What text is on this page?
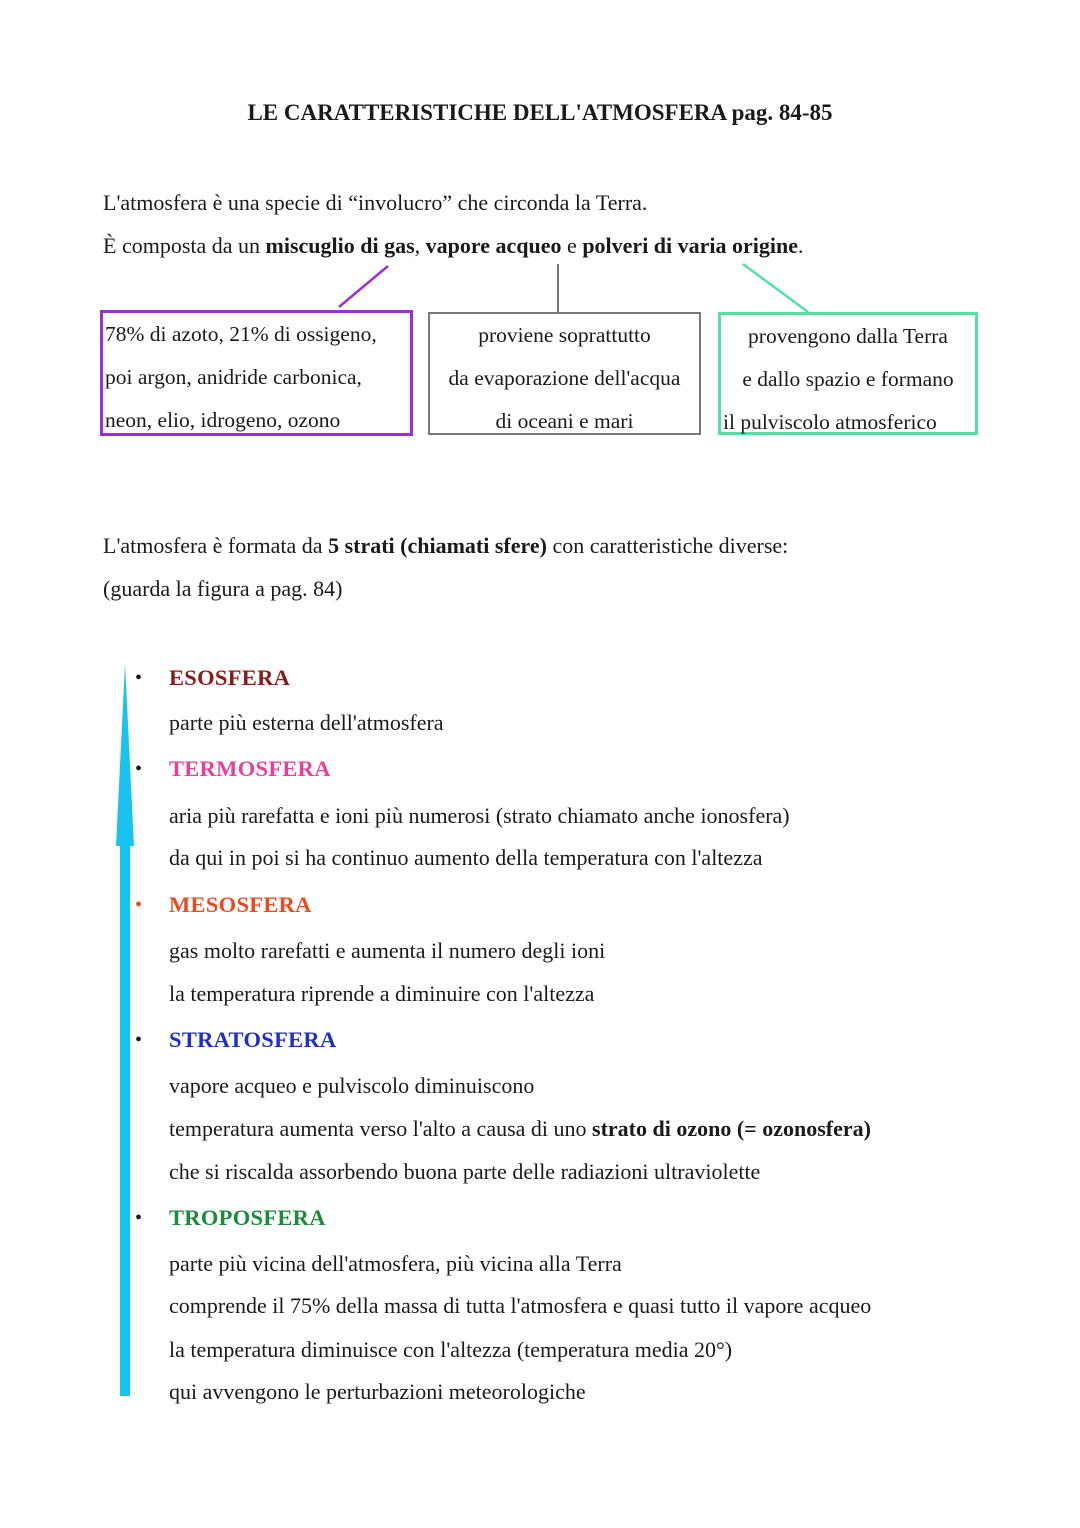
LE CARATTERISTICHE DELL'ATMOSFERA pag. 84-85
L'atmosfera è una specie di “involucro” che circonda la Terra.
È composta da un miscuglio di gas, vapore acqueo e polveri di varia origine.
78% di azoto, 21% di ossigeno,
poi argon, anidride carbonica,
neon, elio, idrogeno, ozono
proviene soprattutto
da evaporazione dell'acqua
di oceani e mari
provengono dalla Terra
e dallo spazio e formano
il pulviscolo atmosferico
L'atmosfera è formata da 5 strati (chiamati sfere) con caratteristiche diverse:
(guarda la figura a pag. 84)
• ESOSFERA
parte più esterna dell'atmosfera
• TERMOSFERA
aria più rarefatta e ioni più numerosi (strato chiamato anche ionosfera)
da qui in poi si ha continuo aumento della temperatura con l'altezza
• MESOSFERA
gas molto rarefatti e aumenta il numero degli ioni
la temperatura riprende a diminuire con l'altezza
• STRATOSFERA
vapore acqueo e pulviscolo diminuiscono
temperatura aumenta verso l'alto a causa di uno strato di ozono (= ozonosfera)
che si riscalda assorbendo buona parte delle radiazioni ultraviolette
• TROPOSFERA
parte più vicina dell'atmosfera, più vicina alla Terra
comprende il 75% della massa di tutta l'atmosfera e quasi tutto il vapore acqueo
la temperatura diminuisce con l'altezza (temperatura media 20°)
qui avvengono le perturbazioni meteorologiche
